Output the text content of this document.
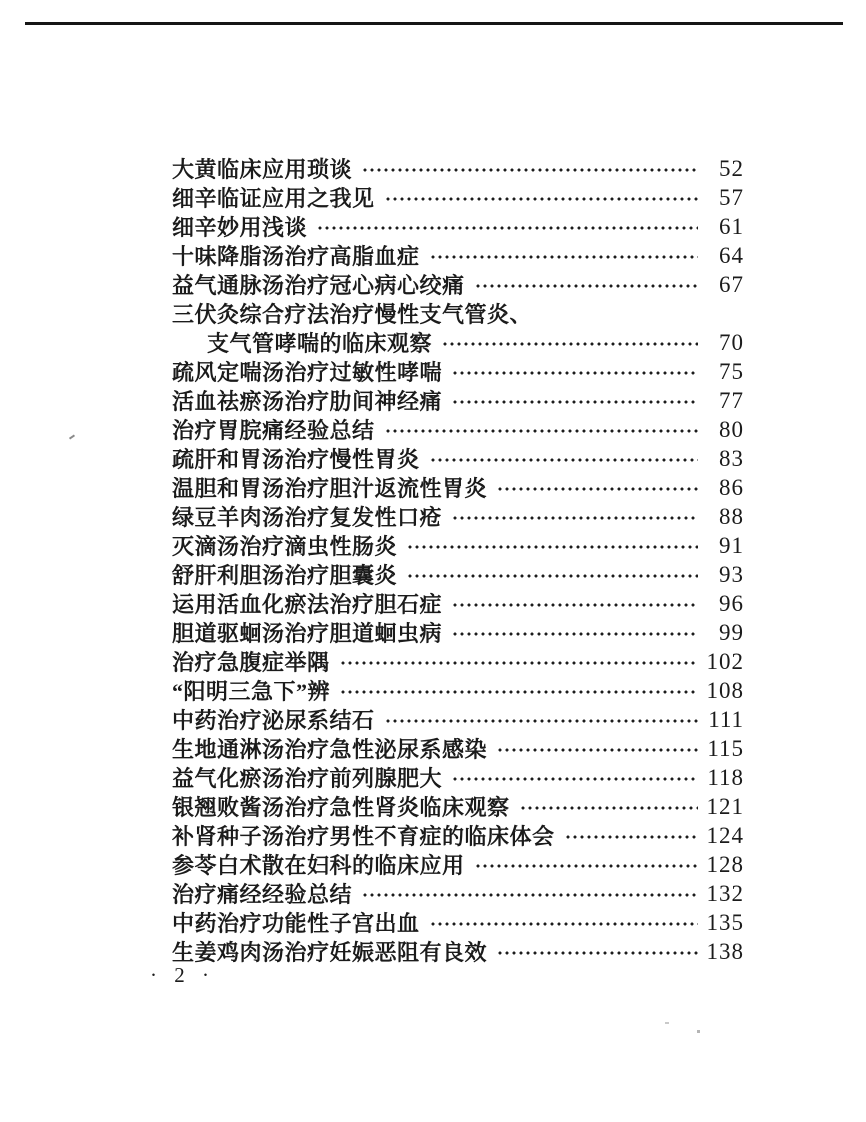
大黄临床应用琐谈	52
细辛临证应用之我见	57
细辛妙用浅谈	61
十味降脂汤治疗高脂血症	64
益气通脉汤治疗冠心病心绞痛	67
三伏灸综合疗法治疗慢性支气管炎、
支气管哮喘的临床观察	70
疏风定喘汤治疗过敏性哮喘	75
活血祛瘀汤治疗肋间神经痛	77
治疗胃脘痛经验总结	80
疏肝和胃汤治疗慢性胃炎	83
温胆和胃汤治疗胆汁返流性胃炎	86
绿豆羊肉汤治疗复发性口疮	88
灭滴汤治疗滴虫性肠炎	91
舒肝利胆汤治疗胆囊炎	93
运用活血化瘀法治疗胆石症	96
胆道驱蛔汤治疗胆道蛔虫病	99
治疗急腹症举隅	102
“阳明三急下”辨	108
中药治疗泌尿系结石	111
生地通淋汤治疗急性泌尿系感染	115
益气化瘀汤治疗前列腺肥大	118
银翘败酱汤治疗急性肾炎临床观察	121
补肾种子汤治疗男性不育症的临床体会	124
参苓白术散在妇科的临床应用	128
治疗痛经经验总结	132
中药治疗功能性子宫出血	135
生姜鸡肉汤治疗妊娠恶阻有良效	138
· 2 ·
